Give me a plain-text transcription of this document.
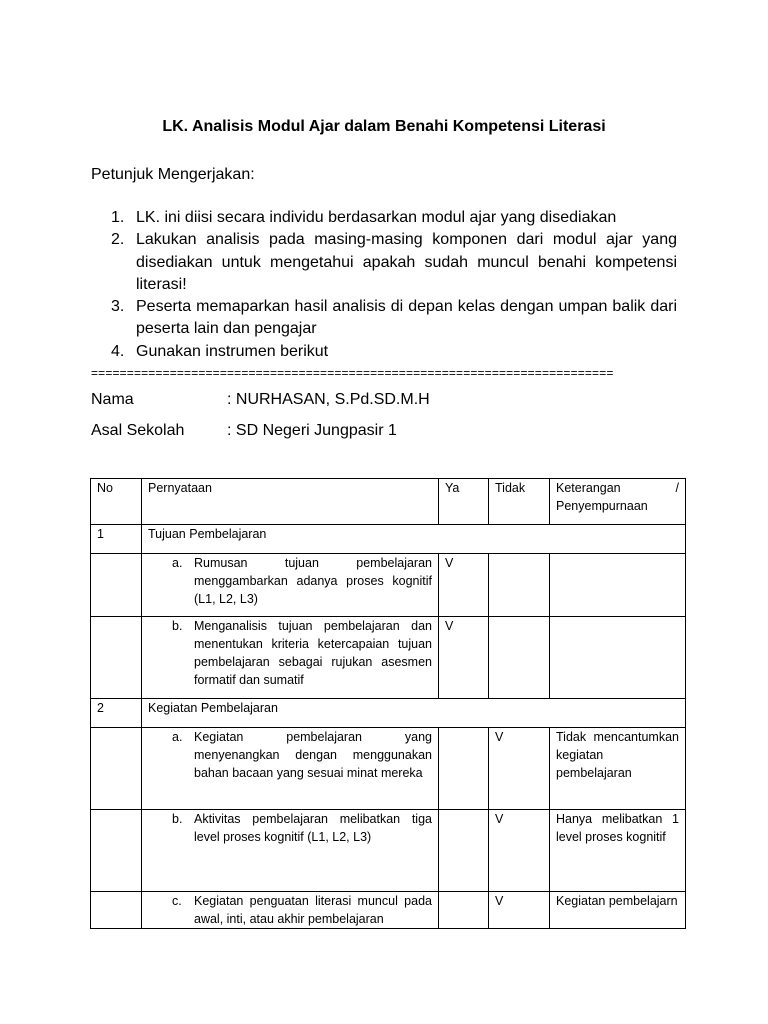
LK. Analisis Modul Ajar dalam Benahi Kompetensi Literasi
Petunjuk Mengerjakan:
1. LK. ini diisi secara individu berdasarkan modul ajar yang disediakan
2. Lakukan analisis pada masing-masing komponen dari modul ajar yang disediakan untuk mengetahui apakah sudah muncul benahi kompetensi literasi!
3. Peserta memaparkan hasil analisis di depan kelas dengan umpan balik dari peserta lain dan pengajar
4. Gunakan instrumen berikut
=========================================================================
Nama	: NURHASAN, S.Pd.SD.M.H
Asal Sekolah	: SD Negeri Jungpasir 1
No	Pernyataan	Ya	Tidak	Keterangan /
Penyempurnaan

1	Tujuan Pembelajaran			

	a. Rumusan tujuan pembelajaran menggambarkan adanya proses kognitif (L1, L2, L3)	V		

	b. Menganalisis tujuan pembelajaran dan menentukan kriteria ketercapaian tujuan pembelajaran sebagai rujukan asesmen formatif dan sumatif	V		
2	Kegiatan Pembelajaran			

	a. Kegiatan pembelajaran yang menyenangkan dengan menggunakan bahan bacaan yang sesuai minat mereka		V	Tidak mencantumkan kegiatan pembelajaran

	b. Aktivitas pembelajaran melibatkan tiga level proses kognitif (L1, L2, L3)		V	Hanya melibatkan 1 level proses kognitif

	c. Kegiatan penguatan literasi muncul pada awal, inti, atau akhir pembelajaran		V	Kegiatan pembelajarn
